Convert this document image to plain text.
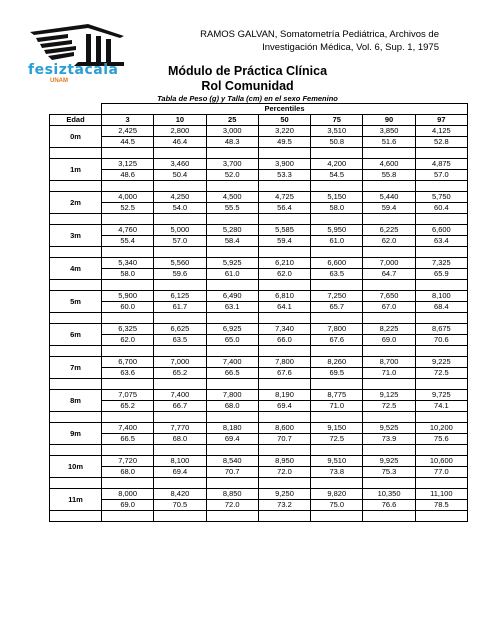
fesiztacala
UNAM
RAMOS GALVAN, Somatometría Pediátrica, Archivos de
Investigación Médica, Vol. 6, Sup. 1, 1975
Módulo de Práctica Clínica
Rol Comunidad
Tabla de Peso (g) y Talla (cm) en el sexo Femenino
	Percentiles						
Edad	3	10	25	50	75	90	97
0m	2,425	2,800	3,000	3,220	3,510	3,850	4,125
	44.5	46.4	48.3	49.5	50.8	51.6	52.8

1m	3,125	3,460	3,700	3,900	4,200	4,600	4,875
	48.6	50.4	52.0	53.3	54.5	55.8	57.0

2m	4,000	4,250	4,500	4,725	5,150	5,440	5,750
	52.5	54.0	55.5	56.4	58.0	59.4	60.4

3m	4,760	5,000	5,280	5,585	5,950	6,225	6,600
	55.4	57.0	58.4	59.4	61.0	62.0	63.4

4m	5,340	5,560	5,925	6,210	6,600	7,000	7,325
	58.0	59.6	61.0	62.0	63.5	64.7	65.9

5m	5,900	6,125	6,490	6,810	7,250	7,650	8,100
	60.0	61.7	63.1	64.1	65.7	67.0	68.4

6m	6,325	6,625	6,925	7,340	7,800	8,225	8,675
	62.0	63.5	65.0	66.0	67.6	69.0	70.6

7m	6,700	7,000	7,400	7,800	8,260	8,700	9,225
	63.6	65.2	66.5	67.6	69.5	71.0	72.5

8m	7,075	7,400	7,800	8,190	8,775	9,125	9,725
	65.2	66.7	68.0	69.4	71.0	72.5	74.1

9m	7,400	7,770	8,180	8,600	9,150	9,525	10,200
	66.5	68.0	69.4	70.7	72.5	73.9	75.6

10m	7,720	8,100	8,540	8,950	9,510	9,925	10,600
	68.0	69.4	70.7	72.0	73.8	75.3	77.0

11m	8,000	8,420	8,850	9,250	9,820	10,350	11,100
	69.0	70.5	72.0	73.2	75.0	76.6	78.5
